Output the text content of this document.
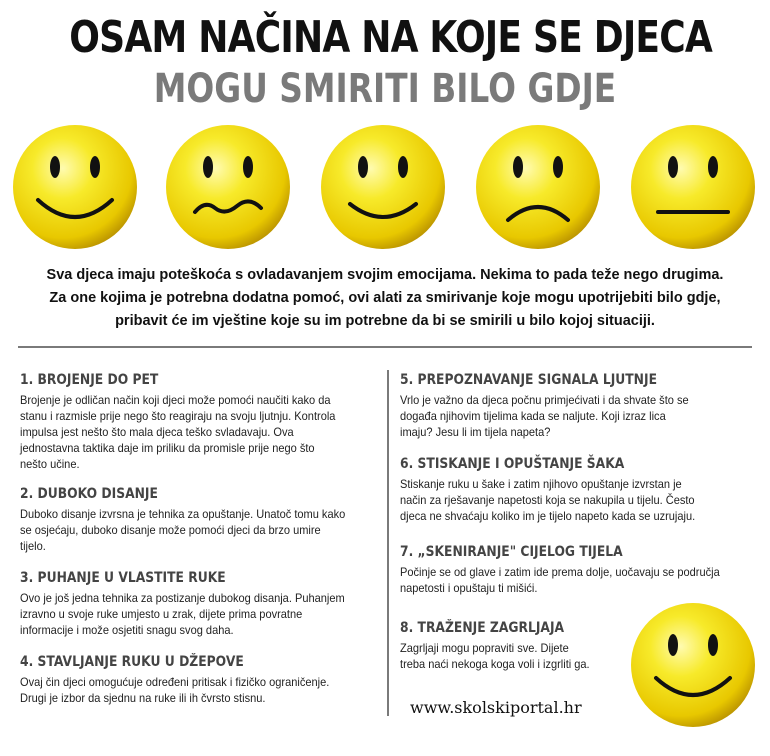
OSAM NAČINA NA KOJE SE DJECA
MOGU SMIRITI BILO GDJE
Sva djeca imaju poteškoća s ovladavanjem svojim emocijama. Nekima to pada teže nego drugima.
Za one kojima je potrebna dodatna pomoć, ovi alati za smirivanje koje mogu upotrijebiti bilo gdje,
pribavit će im vještine koje su im potrebne da bi se smirili u bilo kojoj situaciji.
1. BROJENJE DO PET

Brojenje je odličan način koji djeci može pomoći naučiti kako da
stanu i razmisle prije nego što reagiraju na svoju ljutnju. Kontrola
impulsa jest nešto što mala djeca teško svladavaju. Ova
jednostavna taktika daje im priliku da promisle prije nego što
nešto učine.

2. DUBOKO DISANJE

Duboko disanje izvrsna je tehnika za opuštanje. Unatoč tomu kako
se osjećaju, duboko disanje može pomoći djeci da brzo umire
tijelo.

3. PUHANJE U VLASTITE RUKE

Ovo je još jedna tehnika za postizanje dubokog disanja. Puhanjem
izravno u svoje ruke umjesto u zrak, dijete prima povratne
informacije i može osjetiti snagu svog daha.

4. STAVLJANJE RUKU U DŽEPOVE

Ovaj čin djeci omogućuje određeni pritisak i fizičko ograničenje.
Drugi je izbor da sjednu na ruke ili ih čvrsto stisnu.

5. PREPOZNAVANJE SIGNALA LJUTNJE

Vrlo je važno da djeca počnu primjećivati i da shvate što se
događa njihovim tijelima kada se naljute. Koji izraz lica
imaju? Jesu li im tijela napeta?

6. STISKANJE I OPUŠTANJE ŠAKA

Stiskanje ruku u šake i zatim njihovo opuštanje izvrstan je
način za rješavanje napetosti koja se nakupila u tijelu. Često
djeca ne shvaćaju koliko im je tijelo napeto kada se uzrujaju.

7. „SKENIRANJE" CIJELOG TIJELA

Počinje se od glave i zatim ide prema dolje, uočavaju se područja
napetosti i opuštaju ti mišići.

8. TRAŽENJE ZAGRLJAJA

Zagrljaji mogu popraviti sve. Dijete
treba naći nekoga koga voli i izgrliti ga.

www.skolskiportal.hr
